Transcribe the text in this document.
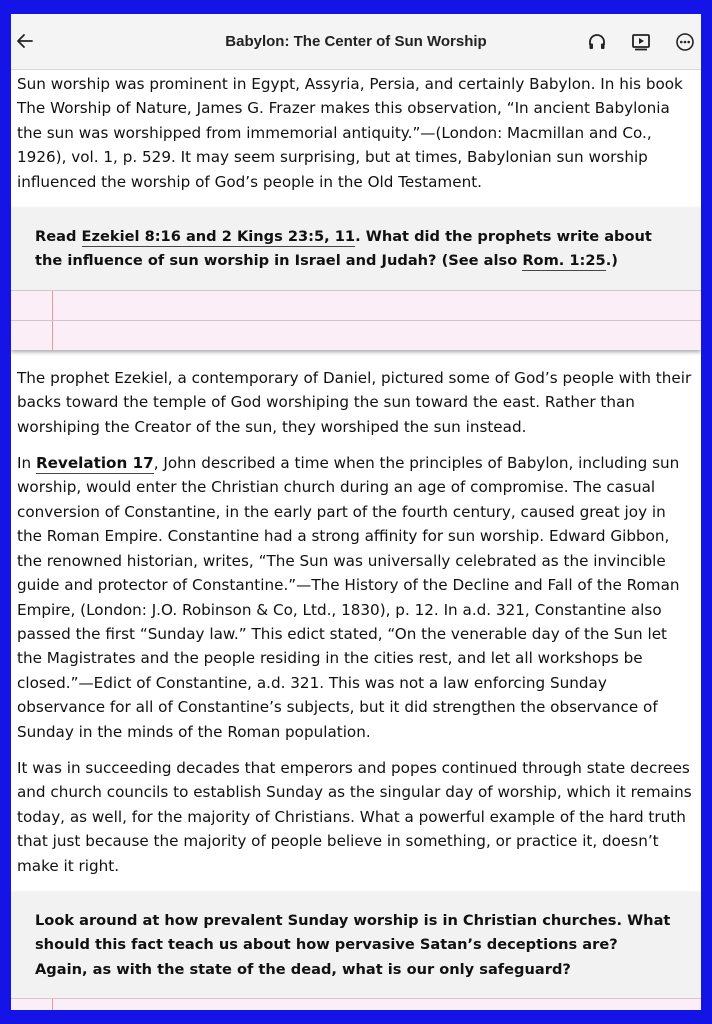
Babylon: The Center of Sun Worship

Sun worship was prominent in Egypt, Assyria, Persia, and certainly Babylon. In his book The Worship of Nature, James G. Frazer makes this observation, “In ancient Babylonia the sun was worshipped from immemorial antiquity.”—(London: Macmillan and Co., 1926), vol. 1, p. 529. It may seem surprising, but at times, Babylonian sun worship influenced the worship of God’s people in the Old Testament.

Read Ezekiel 8:16 and 2 Kings 23:5, 11. What did the prophets write about the influence of sun worship in Israel and Judah? (See also Rom. 1:25.)

The prophet Ezekiel, a contemporary of Daniel, pictured some of God’s people with their backs toward the temple of God worshiping the sun toward the east. Rather than worshiping the Creator of the sun, they worshiped the sun instead.

In Revelation 17, John described a time when the principles of Babylon, including sun worship, would enter the Christian church during an age of compromise. The casual conversion of Constantine, in the early part of the fourth century, caused great joy in the Roman Empire. Constantine had a strong affinity for sun worship. Edward Gibbon, the renowned historian, writes, “The Sun was universally celebrated as the invincible guide and protector of Constantine.”—The History of the Decline and Fall of the Roman Empire, (London: J.O. Robinson & Co, Ltd., 1830), p. 12. In a.d. 321, Constantine also passed the first “Sunday law.” This edict stated, “On the venerable day of the Sun let the Magistrates and the people residing in the cities rest, and let all workshops be closed.”—Edict of Constantine, a.d. 321. This was not a law enforcing Sunday observance for all of Constantine’s subjects, but it did strengthen the observance of Sunday in the minds of the Roman population.

It was in succeeding decades that emperors and popes continued through state decrees and church councils to establish Sunday as the singular day of worship, which it remains today, as well, for the majority of Christians. What a powerful example of the hard truth that just because the majority of people believe in something, or practice it, doesn’t make it right.

Look around at how prevalent Sunday worship is in Christian churches. What should this fact teach us about how pervasive Satan’s deceptions are? Again, as with the state of the dead, what is our only safeguard?
